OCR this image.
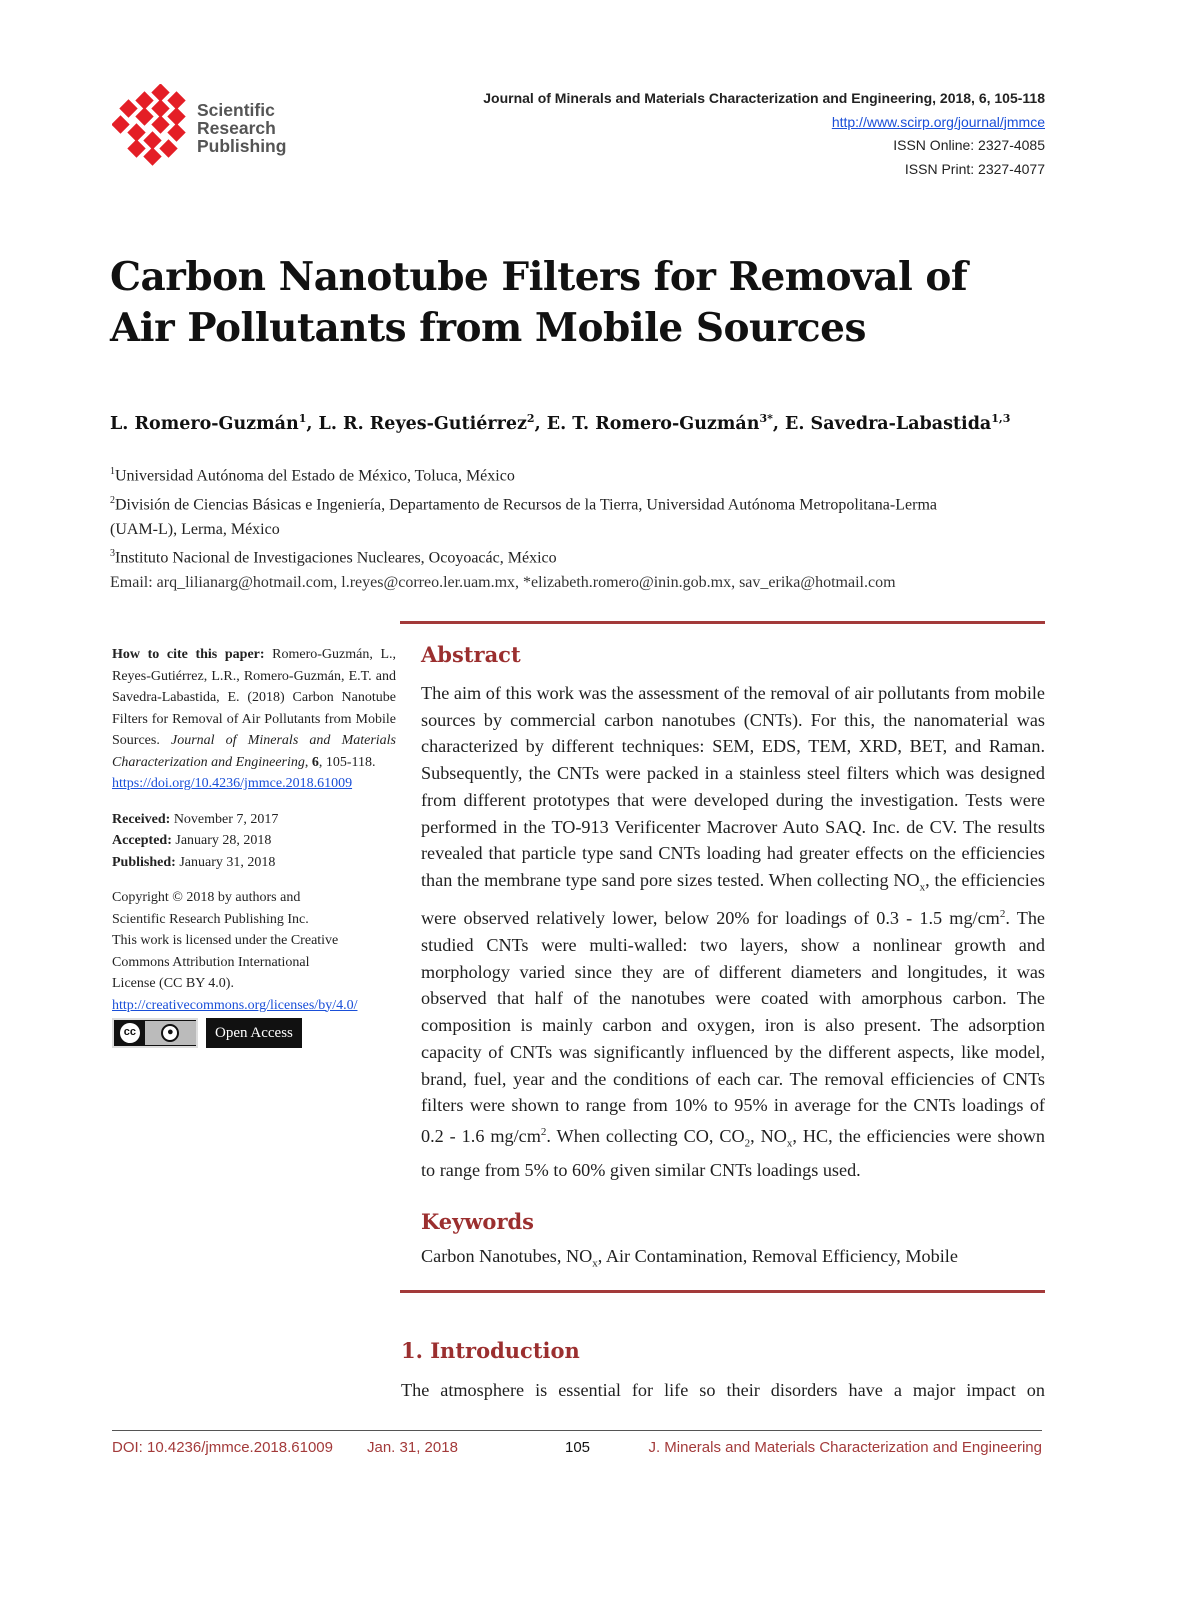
Scientific
Research
Publishing
Journal of Minerals and Materials Characterization and Engineering, 2018, 6, 105-118
http://www.scirp.org/journal/jmmce
ISSN Online: 2327-4085
ISSN Print: 2327-4077
Carbon Nanotube Filters for Removal of
Air Pollutants from Mobile Sources
L. Romero-Guzmán$^1$, L. R. Reyes-Gutiérrez$^2$, E. T. Romero-Guzmán$^{3*}$, E. Savedra-Labastida$^{1,3}$
$^1$Universidad Autónoma del Estado de México, Toluca, México
$^2$División de Ciencias Básicas e Ingeniería, Departamento de Recursos de la Tierra, Universidad Autónoma Metropolitana-Lerma
(UAM-L), Lerma, México
$^3$Instituto Nacional de Investigaciones Nucleares, Ocoyoacác, México
Email: arq_lilianarg@hotmail.com, l.reyes@correo.ler.uam.mx, *elizabeth.romero@inin.gob.mx, sav_erika@hotmail.com
How to cite this paper: Romero-Guzmán, L., Reyes-Gutiérrez, L.R., Romero-Guzmán, E.T. and Savedra-Labastida, E. (2018) Carbon Nanotube Filters for Removal of Air Pollutants from Mobile Sources. Journal of Minerals and Materials Characterization and Engineering, 6, 105-118.
https://doi.org/10.4236/jmmce.2018.61009
Received: November 7, 2017
Accepted: January 28, 2018
Published: January 31, 2018
Copyright © 2018 by authors and
Scientific Research Publishing Inc.
This work is licensed under the Creative
Commons Attribution International
License (CC BY 4.0).
http://creativecommons.org/licenses/by/4.0/
cc	●	Open Access
Abstract

The aim of this work was the assessment of the removal of air pollutants from mobile sources by commercial carbon nanotubes (CNTs). For this, the nanomaterial was characterized by different techniques: SEM, EDS, TEM, XRD, BET, and Raman. Subsequently, the CNTs were packed in a stainless steel filters which was designed from different prototypes that were developed during the investigation. Tests were performed in the TO-913 Verificenter Macrover Auto SAQ. Inc. de CV. The results revealed that particle type sand CNTs loading had greater effects on the efficiencies than the membrane type sand pore sizes tested. When collecting $NO_x$, the efficiencies were observed relatively lower, below 20% for loadings of 0.3 - 1.5 $mg/cm^2$. The studied CNTs were multi-walled: two layers, show a nonlinear growth and morphology varied since they are of different diameters and longitudes, it was observed that half of the nanotubes were coated with amorphous carbon. The composition is mainly carbon and oxygen, iron is also present. The adsorption capacity of CNTs was significantly influenced by the different aspects, like model, brand, fuel, year and the conditions of each car. The removal efficiencies of CNTs filters were shown to range from 10% to 95% in average for the CNTs loadings of 0.2 - 1.6 $mg/cm^2$. When collecting CO, $CO_2$, $NO_x$, HC, the efficiencies were shown to range from 5% to 60% given similar CNTs loadings used.

Keywords

Carbon Nanotubes, $NO_x$, Air Contamination, Removal Efficiency, Mobile

1. Introduction

The atmosphere is essential for life so their disorders have a major impact on

DOI: 10.4236/jmmce.2018.61009 Jan. 31, 2018	105	J. Minerals and Materials Characterization and Engineering
